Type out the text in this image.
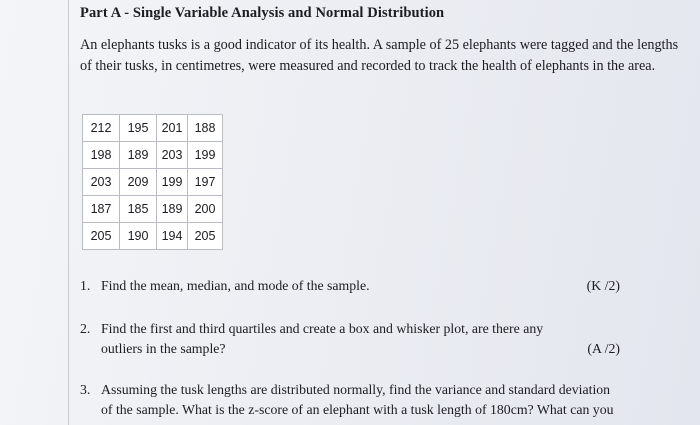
Part A - Single Variable Analysis and Normal Distribution
An elephants tusks is a good indicator of its health. A sample of 25 elephants were tagged and the lengths of their tusks, in centimetres, were measured and recorded to track the health of elephants in the area.
212	195	201	188
198	189	203	199
203	209	199	197
187	185	189	200
205	190	194	205
1. Find the mean, median, and mode of the sample.	(K /2)
2. Find the first and third quartiles and create a box and whisker plot, are there any outliers in the sample?	(A /2)
3. Assuming the tusk lengths are distributed normally, find the variance and standard deviation of the sample. What is the z-score of an elephant with a tusk length of 180cm? What can you
